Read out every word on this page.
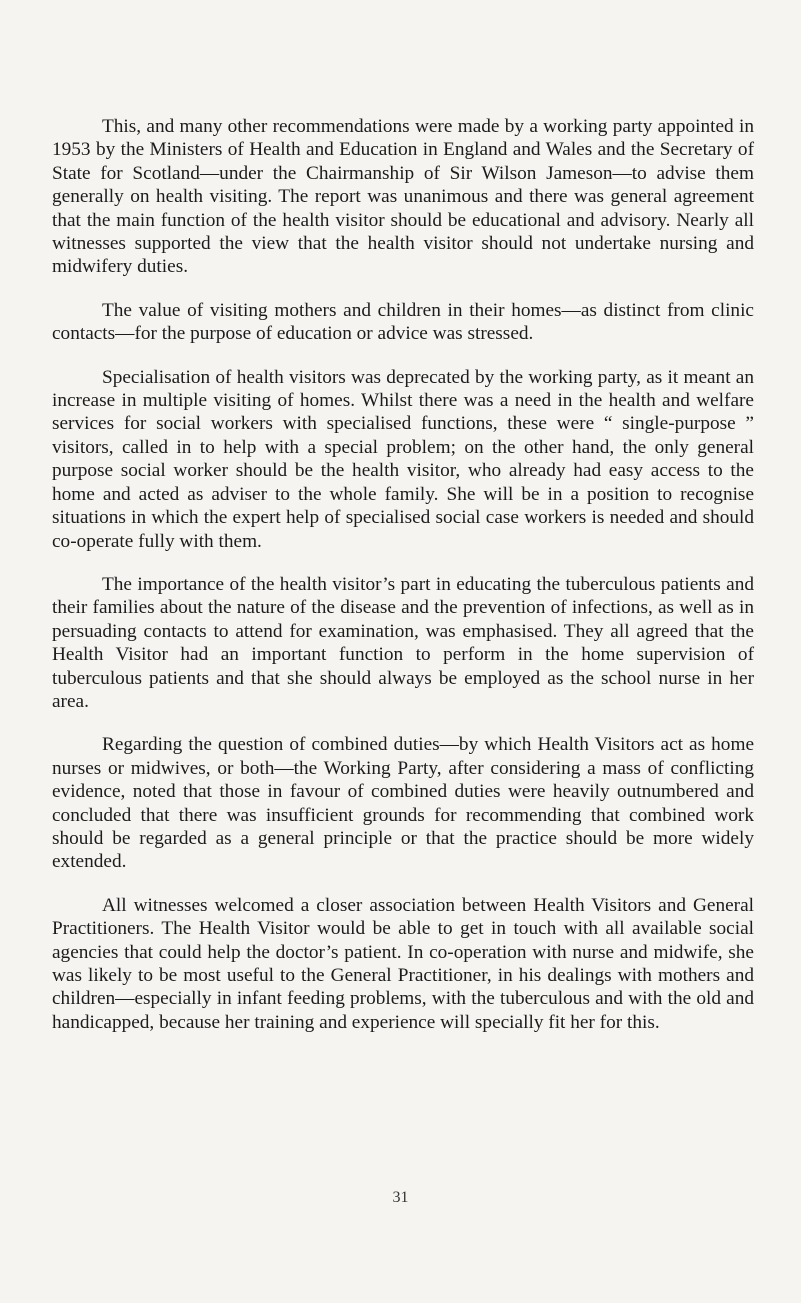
This, and many other recommendations were made by a working party appointed in 1953 by the Ministers of Health and Education in England and Wales and the Secretary of State for Scotland—under the Chairmanship of Sir Wilson Jameson—to advise them generally on health visiting. The report was unanimous and there was general agreement that the main function of the health visitor should be educational and advisory. Nearly all witnesses supported the view that the health visitor should not undertake nursing and midwifery duties.

The value of visiting mothers and children in their homes—as distinct from clinic contacts—for the purpose of education or advice was stressed.

Specialisation of health visitors was deprecated by the working party, as it meant an increase in multiple visiting of homes. Whilst there was a need in the health and welfare services for social workers with specialised functions, these were “ single-purpose ” visitors, called in to help with a special problem; on the other hand, the only general purpose social worker should be the health visitor, who already had easy access to the home and acted as adviser to the whole family. She will be in a position to recognise situations in which the expert help of specialised social case workers is needed and should co-operate fully with them.

The importance of the health visitor’s part in educating the tuberculous patients and their families about the nature of the disease and the prevention of infections, as well as in persuading contacts to attend for examination, was emphasised. They all agreed that the Health Visitor had an important function to perform in the home supervision of tuberculous patients and that she should always be employed as the school nurse in her area.

Regarding the question of combined duties—by which Health Visitors act as home nurses or midwives, or both—the Working Party, after considering a mass of conflicting evidence, noted that those in favour of combined duties were heavily outnumbered and concluded that there was insufficient grounds for recommending that combined work should be regarded as a general principle or that the practice should be more widely extended.

All witnesses welcomed a closer association between Health Visitors and General Practitioners. The Health Visitor would be able to get in touch with all available social agencies that could help the doctor’s patient. In co-operation with nurse and midwife, she was likely to be most useful to the General Practitioner, in his dealings with mothers and children—especially in infant feeding problems, with the tuberculous and with the old and handicapped, because her training and experience will specially fit her for this.

31
